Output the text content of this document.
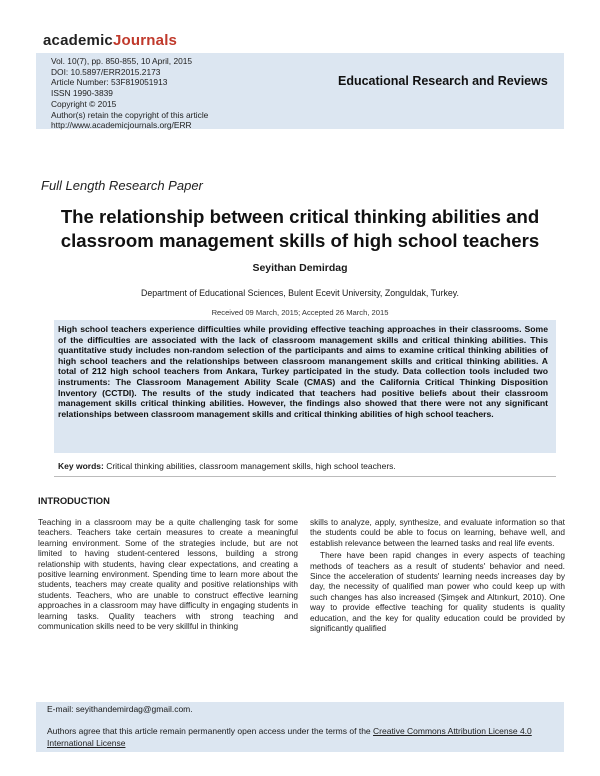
academicJournals
Vol. 10(7), pp. 850-855, 10 April, 2015
DOI: 10.5897/ERR2015.2173
Article Number: 53F819051913
ISSN 1990-3839
Copyright © 2015
Author(s) retain the copyright of this article
http://www.academicjournals.org/ERR
Educational Research and Reviews
Full Length Research Paper
The relationship between critical thinking abilities and classroom management skills of high school teachers
Seyithan Demirdag
Department of Educational Sciences, Bulent Ecevit University, Zonguldak, Turkey.
Received 09 March, 2015; Accepted 26 March, 2015
High school teachers experience difficulties while providing effective teaching approaches in their classrooms. Some of the difficulties are associated with the lack of classroom management skills and critical thinking abilities. This quantitative study includes non-random selection of the participants and aims to examine critical thinking abilities of high school teachers and the relationships between classroom manangement skills and critical thinking abilities. A total of 212 high school teachers from Ankara, Turkey participated in the study. Data collection tools included two instruments: The Classroom Management Ability Scale (CMAS) and the California Critical Thinking Disposition Inventory (CCTDI). The results of the study indicated that teachers had positive beliefs about their classroom management skills critical thinking abilities. However, the findings also showed that there were not any significant relationships between classroom management skills and critical thinking abilities of high school teachers.
Key words: Critical thinking abilities, classroom management skills, high school teachers.
INTRODUCTION

Teaching in a classroom may be a quite challenging task for some teachers. Teachers take certain measures to create a meaningful learning environment. Some of the strategies include, but are not limited to having student-centered lessons, building a strong relationship with students, having clear expectations, and creating a positive learning environment. Spending time to learn more about the students, teachers may create quality and positive relationships with students. Teachers, who are unable to construct effective learning approaches in a classroom may have difficulty in engaging students in learning tasks. Quality teachers with strong teaching and communication skills need to be very skillful in thinking

skills to analyze, apply, synthesize, and evaluate information so that the students could be able to focus on learning, behave well, and establish relevance between the learned tasks and real life events.

There have been rapid changes in every aspects of teaching methods of teachers as a result of students' behavior and need. Since the acceleration of students' learning needs increases day by day, the necessity of qualified man power who could keep up with such changes has also increased (Şimşek and Altınkurt, 2010). One way to provide effective teaching for quality students is quality education, and the key for quality education could be provided by significantly qualified

E-mail: seyithandemirdag@gmail.com.
Authors agree that this article remain permanently open access under the terms of the Creative Commons Attribution License 4.0 International License
